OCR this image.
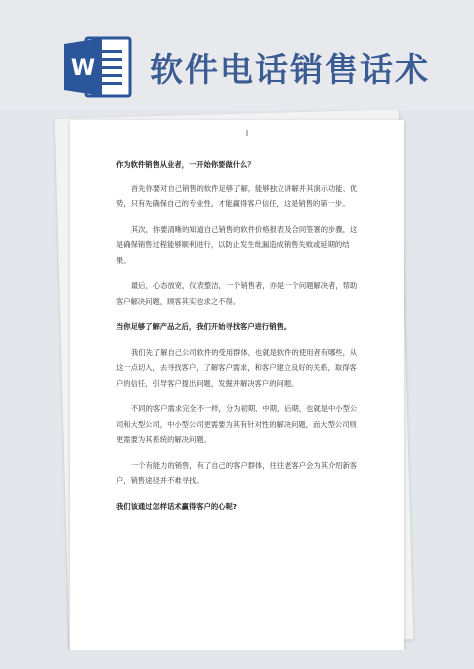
W 软件电话销售话术

作为软件销售从业者，一开始你要做什么？

首先你要对自己销售的软件足够了解，能够独立讲解并其演示功能、优势，只有先确保自己的专业性，才能赢得客户信任，这是销售的第一步。

其次，你要清晰的知道自己销售的软件价格报表及合同签署的步骤，这是确保销售过程能够顺利进行，以防止发生纰漏造成销售失败或延期的结果。

最后，心态放宽，仪表整洁，一个销售者，亦是一个问题解决者，帮助客户解决问题，顾客其实也求之不得。

当你足够了解产品之后，我们开始寻找客户进行销售。

我们先了解自己公司软件的受用群体，也就是软件的使用者有哪些，从这一点切入，去寻找客户，了解客户需求，和客户建立良好的关系，取得客户的信任，引导客户提出问题，发掘并解决客户的问题。

不同的客户需求完全不一样，分为初期、中期、后期，也就是中小型公司和大型公司，中小型公司更需要为其有针对性的解决问题，而大型公司则更需要为其系统的解决问题。

一个有能力的销售，有了自己的客户群体，往往老客户会为其介绍新客户，销售途径并不难寻找。

我们该通过怎样话术赢得客户的心呢?
